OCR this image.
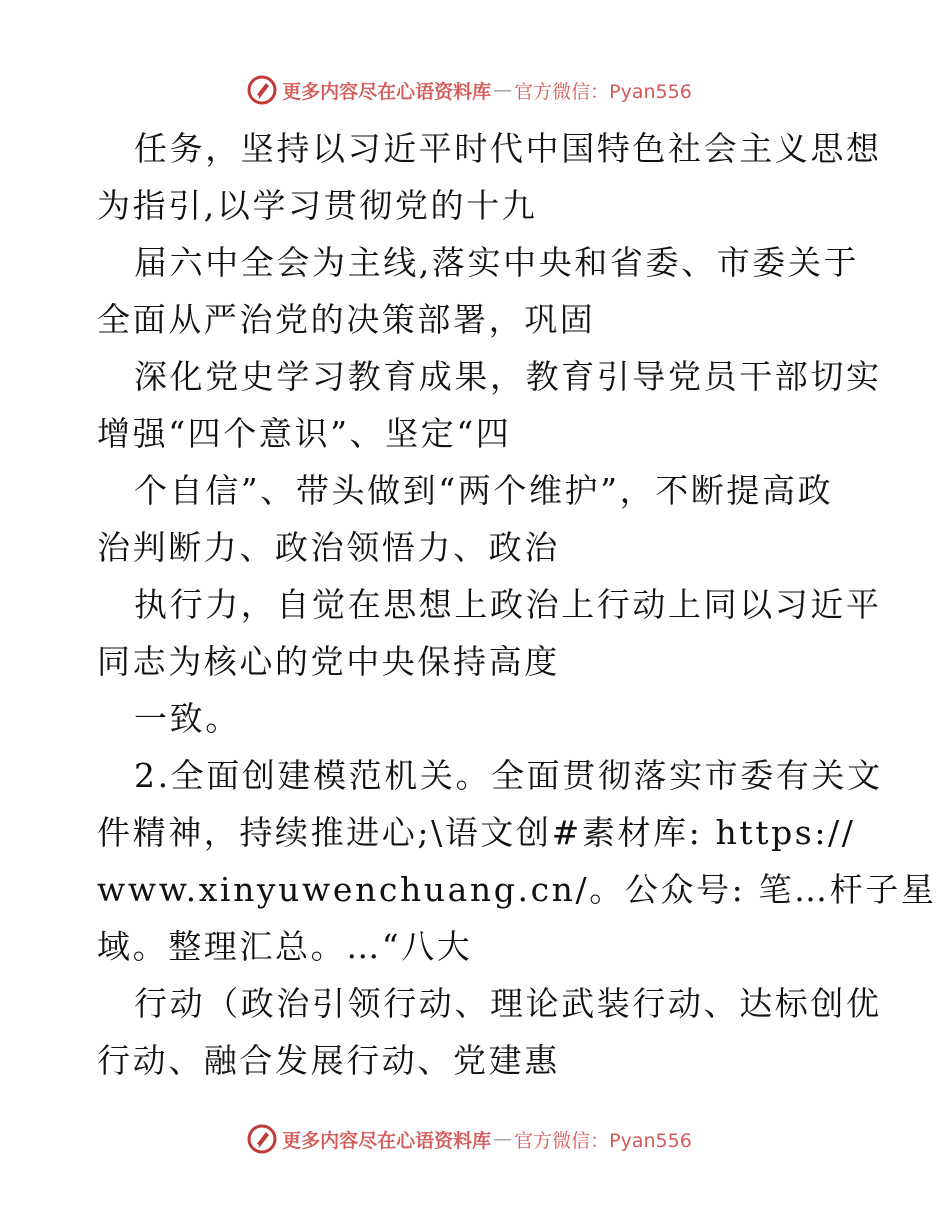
更多内容尽在心语资料库 — 官方微信：Pyan556
任务，坚持以习近平时代中国特色社会主义思想
为指引,以学习贯彻党的十九
届六中全会为主线,落实中央和省委、市委关于
全面从严治党的决策部署，巩固
深化党史学习教育成果，教育引导党员干部切实
增强“四个意识”、坚定“四
个自信”、带头做到“两个维护”，不断提高政
治判断力、政治领悟力、政治
执行力，自觉在思想上政治上行动上同以习近平
同志为核心的党中央保持高度
一致。
2.全面创建模范机关。全面贯彻落实市委有关文
件精神，持续推进心;\语文创#素材库: https://
www.xinyuwenchuang.cn/。公众号: 笔…杆子星
域。整理汇总。…“八大
行动（政治引领行动、理论武装行动、达标创优
行动、融合发展行动、党建惠
更多内容尽在心语资料库 — 官方微信：Pyan556
